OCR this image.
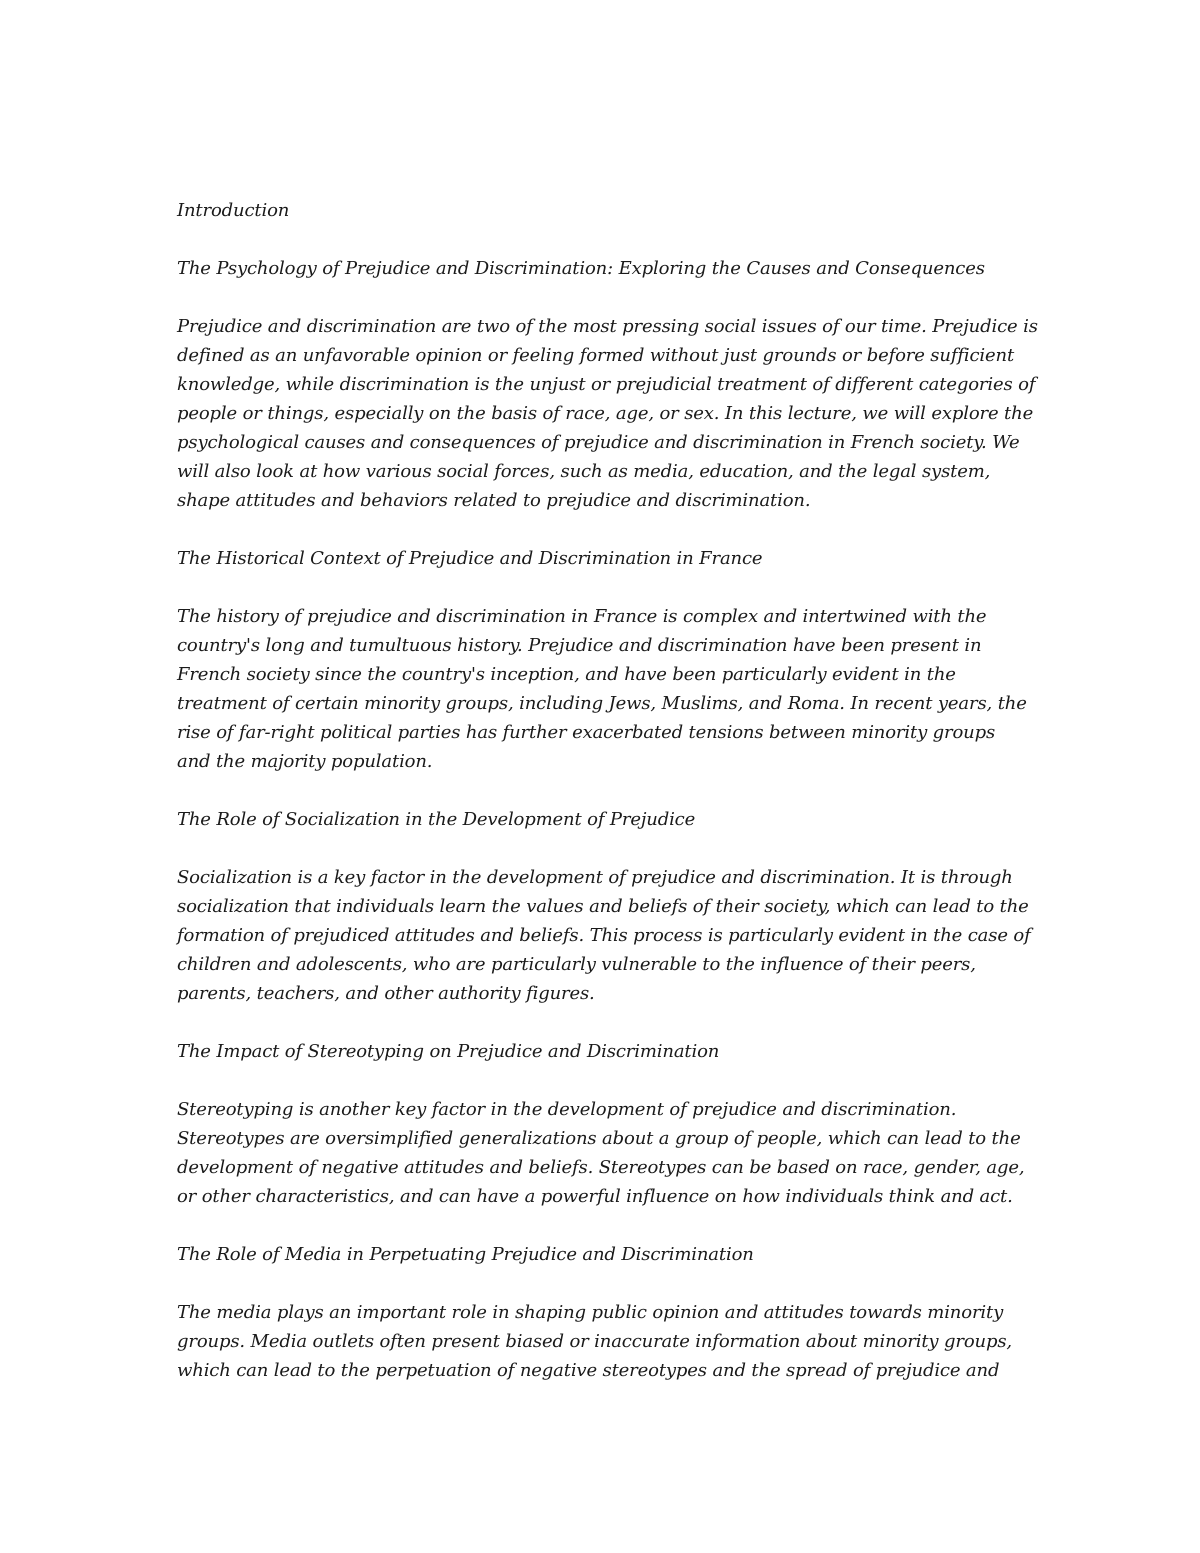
Introduction
The Psychology of Prejudice and Discrimination: Exploring the Causes and Consequences
Prejudice and discrimination are two of the most pressing social issues of our time. Prejudice is
defined as an unfavorable opinion or feeling formed without just grounds or before sufficient
knowledge, while discrimination is the unjust or prejudicial treatment of different categories of
people or things, especially on the basis of race, age, or sex. In this lecture, we will explore the
psychological causes and consequences of prejudice and discrimination in French society. We
will also look at how various social forces, such as media, education, and the legal system,
shape attitudes and behaviors related to prejudice and discrimination.
The Historical Context of Prejudice and Discrimination in France
The history of prejudice and discrimination in France is complex and intertwined with the
country's long and tumultuous history. Prejudice and discrimination have been present in
French society since the country's inception, and have been particularly evident in the
treatment of certain minority groups, including Jews, Muslims, and Roma. In recent years, the
rise of far-right political parties has further exacerbated tensions between minority groups
and the majority population.
The Role of Socialization in the Development of Prejudice
Socialization is a key factor in the development of prejudice and discrimination. It is through
socialization that individuals learn the values and beliefs of their society, which can lead to the
formation of prejudiced attitudes and beliefs. This process is particularly evident in the case of
children and adolescents, who are particularly vulnerable to the influence of their peers,
parents, teachers, and other authority figures.
The Impact of Stereotyping on Prejudice and Discrimination
Stereotyping is another key factor in the development of prejudice and discrimination.
Stereotypes are oversimplified generalizations about a group of people, which can lead to the
development of negative attitudes and beliefs. Stereotypes can be based on race, gender, age,
or other characteristics, and can have a powerful influence on how individuals think and act.
The Role of Media in Perpetuating Prejudice and Discrimination
The media plays an important role in shaping public opinion and attitudes towards minority
groups. Media outlets often present biased or inaccurate information about minority groups,
which can lead to the perpetuation of negative stereotypes and the spread of prejudice and
